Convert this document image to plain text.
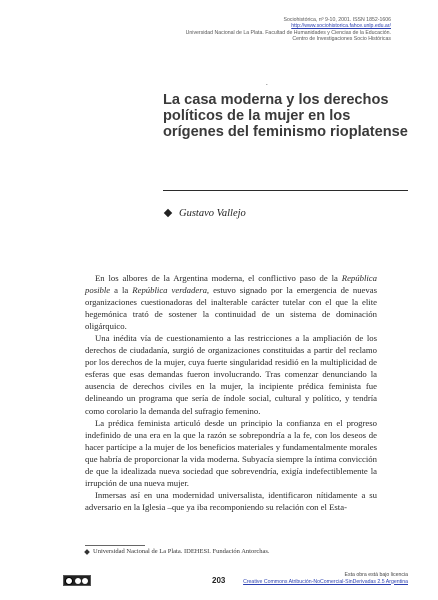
Sociohistórica, nº 9-10, 2001. ISSN 1852-1606
http://www.sociohistorica.fahce.unlp.edu.ar/
Universidad Nacional de La Plata. Facultad de Humanidades y Ciencias de la Educación.
Centro de Investigaciones Socio Históricas
.
La casa moderna y los derechos políticos de la mujer en los orígenes del feminismo rioplatense
Gustavo Vallejo

En los albores de la Argentina moderna, el conflictivo paso de la República posible a la República verdadera, estuvo signado por la emergencia de nuevas organizaciones cuestionadoras del inalterable carácter tutelar con el que la elite hegemónica trató de sostener la continuidad de un sistema de dominación oligárquico.

Una inédita vía de cuestionamiento a las restricciones a la ampliación de los derechos de ciudadanía, surgió de organizaciones constituidas a partir del reclamo por los derechos de la mujer, cuya fuerte singularidad residió en la multiplicidad de esferas que esas demandas fueron involucrando. Tras comenzar denunciando la ausencia de derechos civiles en la mujer, la incipiente prédica feminista fue delineando un programa que sería de índole social, cultural y político, y tendría como corolario la demanda del sufragio femenino.

La prédica feminista articuló desde un principio la confianza en el progreso indefinido de una era en la que la razón se sobrepondría a la fe, con los deseos de hacer partícipe a la mujer de los beneficios materiales y fundamentalmente morales que habría de proporcionar la vida moderna. Subyacía siempre la íntima convicción de que la idealizada nueva sociedad que sobrevendría, exigía indefectiblemente la irrupción de una nueva mujer.

Inmersas así en una modernidad universalista, identificaron nítidamente a su adversario en la Iglesia –que ya iba recomponiendo su relación con el Esta-

Universidad Nacional de La Plata. IDEHESI. Fundación Antorchas.
203
Esta obra está bajo licencia
Creative Commons Atribución-NoComercial-SinDerivadas 2.5 Argentina
